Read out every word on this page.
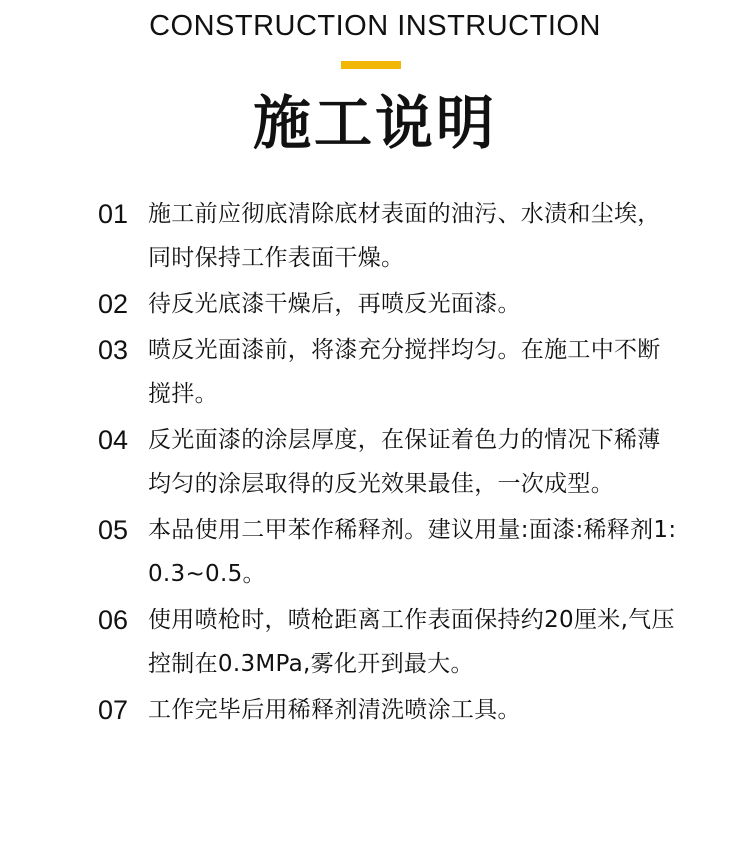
CONSTRUCTION INSTRUCTION
施工说明
01 施工前应彻底清除底材表面的油污、水渍和尘埃，同时保持工作表面干燥。
02 待反光底漆干燥后，再喷反光面漆。
03 喷反光面漆前，将漆充分搅拌均匀。在施工中不断搅拌。
04 反光面漆的涂层厚度，在保证着色力的情况下稀薄均匀的涂层取得的反光效果最佳，一次成型。
05 本品使用二甲苯作稀释剂。建议用量:面漆:稀释剂1: 0.3~0.5。
06 使用喷枪时，喷枪距离工作表面保持约20厘米,气压控制在0.3MPa,雾化开到最大。
07 工作完毕后用稀释剂清洗喷涂工具。
